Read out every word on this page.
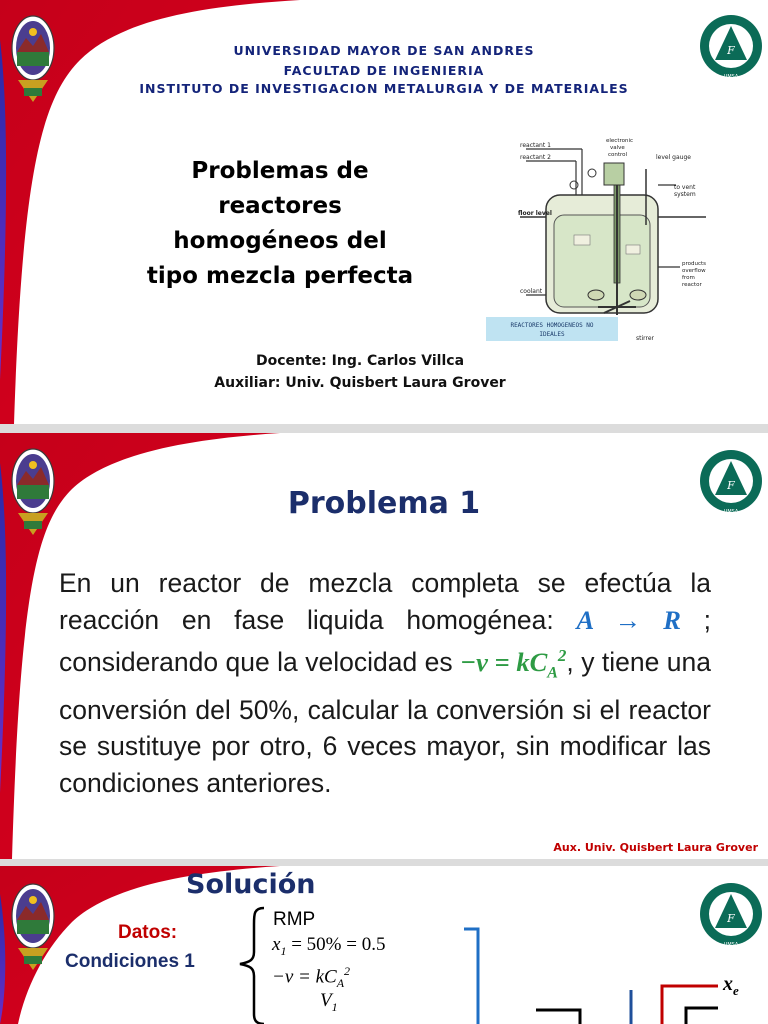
F
UMSA
UNIVERSIDAD MAYOR DE SAN ANDRES
FACULTAD DE INGENIERIA
INSTITUTO DE INVESTIGACION METALURGIA Y DE MATERIALES
Problemas de
reactores
homogéneos del
tipo mezcla perfecta
reactant 1
reactant 2
electronic
valve
control	level gauge
to vent
system
floor level
products
overflow
from
reactor
coolant
stirrer
REACTORES HOMOGENEOS NO
IDEALES
Docente: Ing. Carlos Villca
Auxiliar: Univ. Quisbert Laura Grover
F
UMSA
Problema 1
En un reactor de mezcla completa se efectúa la reacción en fase liquida homogénea: A → R ; considerando que la velocidad es $-v = kC_A^2$, y tiene una conversión del 50%, calcular la conversión si el reactor se sustituye por otro, 6 veces mayor, sin modificar las condiciones anteriores.
Aux. Univ. Quisbert Laura Grover
F
UMSA
Solución
Datos:
Condiciones 1
RMP
$x_1 = 50\% = 0.5$
$-v = kC_A^2$
$V_1$
$x_e$
